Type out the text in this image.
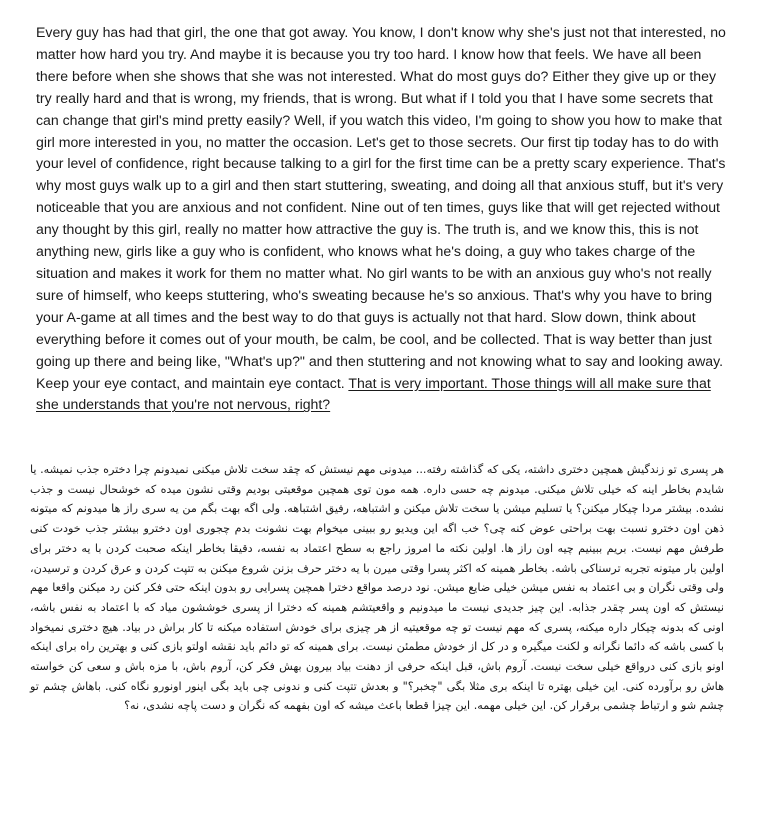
Every guy has had that girl, the one that got away. You know, I don't know why she's just not that interested, no matter how hard you try. And maybe it is because you try too hard. I know how that feels. We have all been there before when she shows that she was not interested. What do most guys do? Either they give up or they try really hard and that is wrong, my friends, that is wrong. But what if I told you that I have some secrets that can change that girl's mind pretty easily? Well, if you watch this video, I'm going to show you how to make that girl more interested in you, no matter the occasion. Let's get to those secrets. Our first tip today has to do with your level of confidence, right because talking to a girl for the first time can be a pretty scary experience. That's why most guys walk up to a girl and then start stuttering, sweating, and doing all that anxious stuff, but it's very noticeable that you are anxious and not confident. Nine out of ten times, guys like that will get rejected without any thought by this girl, really no matter how attractive the guy is. The truth is, and we know this, this is not anything new, girls like a guy who is confident, who knows what he's doing, a guy who takes charge of the situation and makes it work for them no matter what. No girl wants to be with an anxious guy who's not really sure of himself, who keeps stuttering, who's sweating because he's so anxious. That's why you have to bring your A-game at all times and the best way to do that guys is actually not that hard. Slow down, think about everything before it comes out of your mouth, be calm, be cool, and be collected. That is way better than just going up there and being like, "What's up?" and then stuttering and not knowing what to say and looking away. Keep your eye contact, and maintain eye contact. That is very important. Those things will all make sure that she understands that you're not nervous, right?

هر پسری تو زندگیش همچین دختری داشته، یکی که گذاشته رفته... میدونی مهم نیستش که چقد سخت تلاش میکنی نمیدونم چرا دختره جذب نمیشه. یا شایدم بخاطر اینه که خیلی تلاش میکنی. میدونم چه حسی داره. همه مون توی همچین موقعیتی بودیم وقتی نشون میده که خوشحال نیست و جذب نشده. بیشتر مردا چیکار میکنن؟ یا تسلیم میشن یا سخت تلاش میکنن و اشتباهه، رفیق اشتباهه. ولی اگه بهت بگم من یه سری راز ها میدونم که میتونه ذهن اون دخترو نسبت بهت براحتی عوض کنه چی؟ خب اگه این ویدیو رو ببینی میخوام بهت نشونت بدم چجوری اون دخترو بیشتر جذب خودت کنی طرفش مهم نیست. بریم ببینیم چیه اون راز ها. اولین نکته ما امروز راجع به سطح اعتماد به نفسه، دقیقا بخاطر اینکه صحبت کردن با یه دختر برای اولین بار میتونه تجربه ترسناکی باشه. بخاطر همینه که اکثر پسرا وقتی میرن با یه دختر حرف بزنن شروع میکنن به تتپت کردن و عرق کردن و ترسیدن، ولی وقتی نگران و بی اعتماد به نفس میشن خیلی ضایع میشن. نود درصد مواقع دخترا همچین پسرایی رو بدون اینکه حتی فکر کنن رد میکنن واقعا مهم نیستش که اون پسر چقدر جذابه. این چیز جدیدی نیست ما میدونیم و واقعیتشم همینه که دخترا از پسری خوششون میاد که با اعتماد به نفس باشه، اونی که بدونه چیکار داره میکنه، پسری که مهم نیست تو چه موقعیتیه از هر چیزی برای خودش استفاده میکنه تا کار براش در بیاد. هیچ دختری نمیخواد با کسی باشه که دائما نگرانه و لکنت میگیره و در کل از خودش مطمئن نیست. برای همینه که تو دائم باید نقشه اولتو بازی کنی و بهترین راه برای اینکه اونو بازی کنی درواقع خیلی سخت نیست. آروم باش، قبل اینکه حرفی از دهنت بیاد بیرون بهش فکر کن، آروم باش، با مزه باش و سعی کن خواسته هاش رو برآورده کنی. این خیلی بهتره تا اینکه بری مثلا بگی "چخبر؟" و بعدش تتپت کنی و ندونی چی باید بگی اینور اونورو نگاه کنی. باهاش چشم تو چشم شو و ارتباط چشمی برقرار کن. این خیلی مهمه. این چیزا قطعا باعث میشه که اون بفهمه که نگران و دست پاچه نشدی، نه؟
